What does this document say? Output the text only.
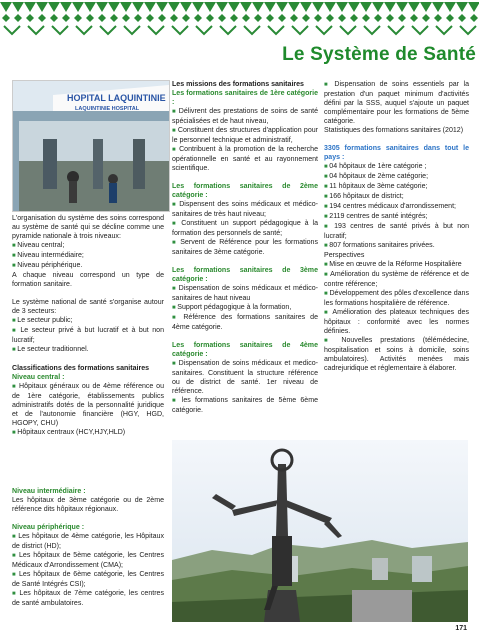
Le Système de Santé
HOPITAL LAQUINTINIE
LAQUINTINIE HOSPITAL

L'organisation du système des soins correspond au système de santé qui se décline comme une pyramide nationale à trois niveaux:

■ Niveau central;

■ Niveau intermédiaire;

■ Niveau périphérique.

A chaque niveau correspond un type de formation sanitaire.

Le système national de santé s'organise autour de 3 secteurs:

■ Le secteur public;

■ Le secteur privé à but lucratif et à but non lucratif;

■ Le secteur traditionnel.

Classifications des formations sanitaires

Niveau central :

■ Hôpitaux généraux ou de 4ème référence ou de 1ère catégorie, établissements publics administratifs dotés de la personnalité juridique et de l'autonomie financière (HGY, HGD, HGOPY, CHU)

■ Hôpitaux centraux (HCY,HJY,HLD)

Niveau intermédiaire :

Les hôpitaux de 3ème catégorie ou de 2ème référence dits hôpitaux régionaux.

Niveau périphérique :

■ Les hôpitaux de 4ème catégorie, les Hôpitaux de district (HD);

■ Les hôpitaux de 5ème catégorie, les Centres Médicaux d'Arrondissement (CMA);

■ Les hôpitaux de 6ème catégorie, les Centres de Santé Intégrés CSI);

■ Les hôpitaux de 7ème catégorie, les centres de santé ambulatoires.

Les missions des formations sanitaires

Les formations sanitaires de 1ère catégorie :

■ Délivrent des prestations de soins de santé spécialisées et de haut niveau,

■ Constituent des structures d'application pour le personnel technique et administratif,

■ Contribuent à la promotion de la recherche opérationnelle en santé et au rayonnement scientifique.

Les formations sanitaires de 2ème catégorie :

■ Dispensent des soins médicaux et médico-sanitaires de très haut niveau;

■ Constituent un support pédagogique à la formation des personnels de santé;

■ Servent de Référence pour les formations sanitaires de 3ème catégorie.

Les formations sanitaires de 3ème catégorie :

■ Dispensation de soins médicaux et médico-sanitaires de haut niveau

■ Support pédagogique à la formation,

■ Référence des formations sanitaires de 4ème catégorie.

Les formations sanitaires de 4ème catégorie :

■ Dispensation de soins médicaux et medico-sanitaires. Constituent la structure référence ou de district de santé. 1er niveau de référence.

■ les formations sanitaires de 5ème 6ème catégorie.

■ Dispensation de soins essentiels par la prestation d'un paquet minimum d'activités défini par la SSS, auquel s'ajoute un paquet complémentaire pour les formations de 5ème catégorie.

Statistiques des formations sanitaires (2012)

3305 formations sanitaires dans tout le pays :

■ 04 hôpitaux de 1ère catégorie ;

■ 04 hôpitaux de 2ème catégorie;

■ 11 hôpitaux de 3ème catégorie;

■ 166 hôpitaux de district;

■ 194 centres médicaux d'arrondissement;

■ 2119 centres de santé intégrés;

■ 193 centres de santé privés à but non lucratif;

■ 807 formations sanitaires privées.

Perspectives

■ Mise en œuvre de la Réforme Hospitalière

■ Amélioration du système de référence et de contre référence;

■ Développement des pôles d'excellence dans les formations hospitalière de référence.

■ Amélioration des plateaux techniques des hôpitaux : conformité avec les normes définies.

■ Nouvelles prestations (télémédecine, hospitalisation et soins à domicile, soins ambulatoires). Activités menées mais cadrejuridique et réglementaire à élaborer.

171
